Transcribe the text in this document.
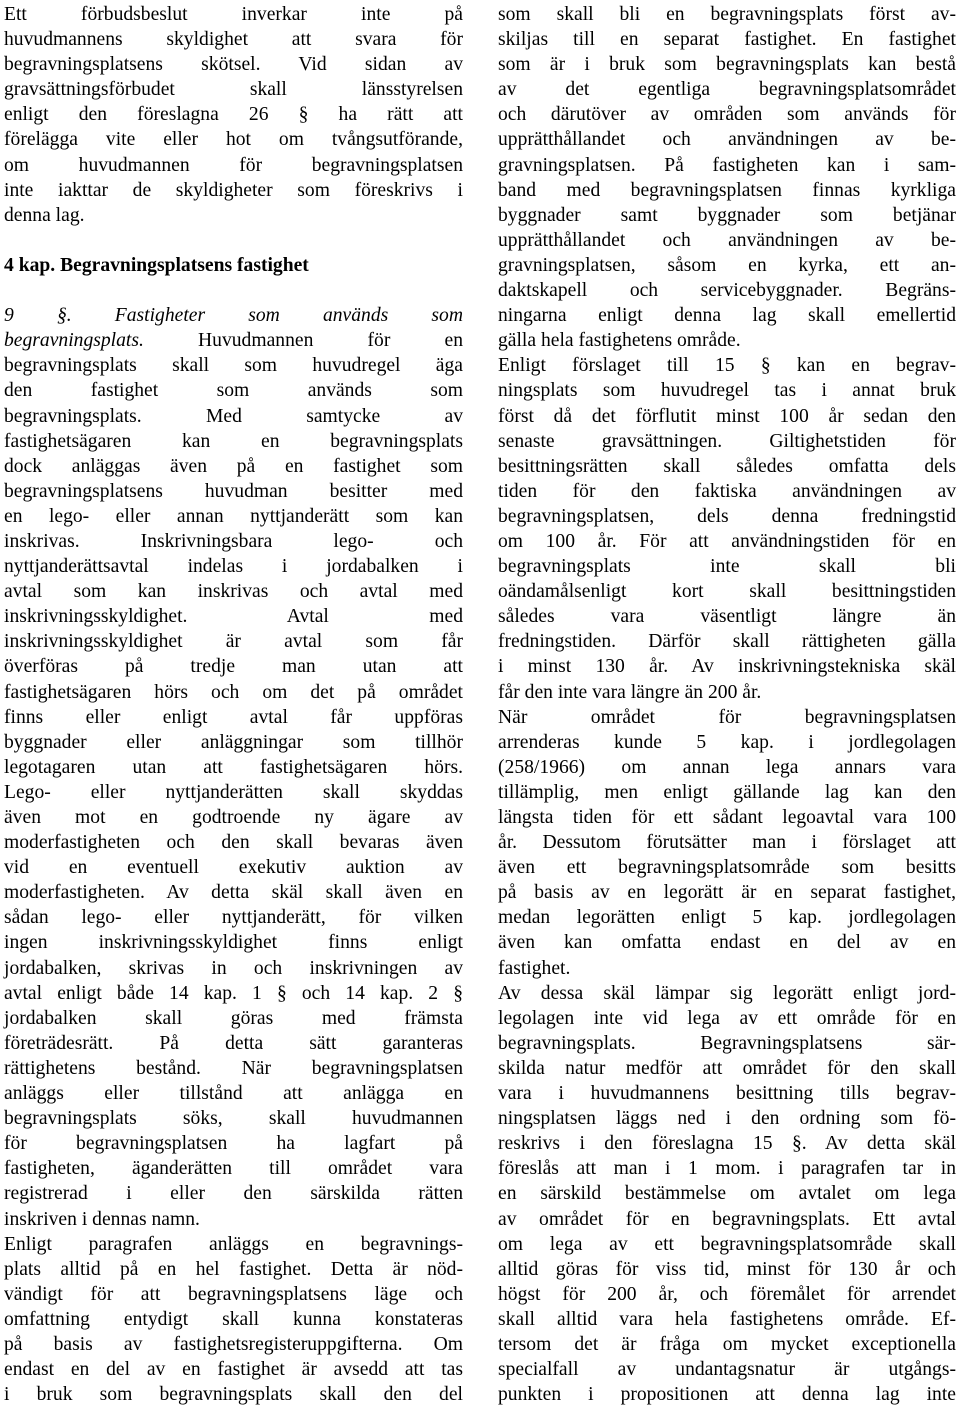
Ett förbudsbeslut inverkar inte på
huvudmannens skyldighet att svara för
begravningsplatsens skötsel. Vid sidan av
gravsättningsförbudet skall länsstyrelsen
enligt den föreslagna 26 § ha rätt att
förelägga vite eller hot om tvångsutförande,
om huvudmannen för begravningsplatsen
inte iakttar de skyldigheter som föreskrivs i
denna lag.
4 kap. Begravningsplatsens fastighet
9 §. Fastigheter som används som
begravningsplats. Huvudmannen för en
begravningsplats skall som huvudregel äga
den fastighet som används som
begravningsplats. Med samtycke av
fastighetsägaren kan en begravningsplats
dock anläggas även på en fastighet som
begravningsplatsens huvudman besitter med
en lego- eller annan nyttjanderätt som kan
inskrivas. Inskrivningsbara lego- och
nyttjanderättsavtal indelas i jordabalken i
avtal som kan inskrivas och avtal med
inskrivningsskyldighet. Avtal med
inskrivningsskyldighet är avtal som får
överföras på tredje man utan att
fastighetsägaren hörs och om det på området
finns eller enligt avtal får uppföras
byggnader eller anläggningar som tillhör
legotagaren utan att fastighetsägaren hörs.
Lego- eller nyttjanderätten skall skyddas
även mot en godtroende ny ägare av
moderfastigheten och den skall bevaras även
vid en eventuell exekutiv auktion av
moderfastigheten. Av detta skäl skall även en
sådan lego- eller nyttjanderätt, för vilken
ingen inskrivningsskyldighet finns enligt
jordabalken, skrivas in och inskrivningen av
avtal enligt både 14 kap. 1 § och 14 kap. 2 §
jordabalken skall göras med främsta
företrädesrätt. På detta sätt garanteras
rättighetens bestånd. När begravningsplatsen
anläggs eller tillstånd att anlägga en
begravningsplats söks, skall huvudmannen
för begravningsplatsen ha lagfart på
fastigheten, äganderätten till området vara
registrerad i eller den särskilda rätten
inskriven i dennas namn.
Enligt paragrafen anläggs en begravnings-
plats alltid på en hel fastighet. Detta är nöd-
vändigt för att begravningsplatsens läge och
omfattning entydigt skall kunna konstateras
på basis av fastighetsregisteruppgifterna. Om
endast en del av en fastighet är avsedd att tas
i bruk som begravningsplats skall den del
som skall bli en begravningsplats först av-
skiljas till en separat fastighet. En fastighet
som är i bruk som begravningsplats kan bestå
av det egentliga begravningsplatsområdet
och därutöver av områden som används för
upprätthållandet och användningen av be-
gravningsplatsen. På fastigheten kan i sam-
band med begravningsplatsen finnas kyrkliga
byggnader samt byggnader som betjänar
upprätthållandet och användningen av be-
gravningsplatsen, såsom en kyrka, ett an-
daktskapell och servicebyggnader. Begräns-
ningarna enligt denna lag skall emellertid
gälla hela fastighetens område.
Enligt förslaget till 15 § kan en begrav-
ningsplats som huvudregel tas i annat bruk
först då det förflutit minst 100 år sedan den
senaste gravsättningen. Giltighetstiden för
besittningsrätten skall således omfatta dels
tiden för den faktiska användningen av
begravningsplatsen, dels denna fredningstid
om 100 år. För att användningstiden för en
begravningsplats inte skall bli
oändamålsenligt kort skall besittningstiden
således vara väsentligt längre än
fredningstiden. Därför skall rättigheten gälla
i minst 130 år. Av inskrivningstekniska skäl
får den inte vara längre än 200 år.
När området för begravningsplatsen
arrenderas kunde 5 kap. i jordlegolagen
(258/1966) om annan lega annars vara
tillämplig, men enligt gällande lag kan den
längsta tiden för ett sådant legoavtal vara 100
år. Dessutom förutsätter man i förslaget att
även ett begravningsplatsområde som besitts
på basis av en legorätt är en separat fastighet,
medan legorätten enligt 5 kap. jordlegolagen
även kan omfatta endast en del av en
fastighet.
Av dessa skäl lämpar sig legorätt enligt jord-
legolagen inte vid lega av ett område för en
begravningsplats. Begravningsplatsens sär-
skilda natur medför att området för den skall
vara i huvudmannens besittning tills begrav-
ningsplatsen läggs ned i den ordning som fö-
reskrivs i den föreslagna 15 §. Av detta skäl
föreslås att man i 1 mom. i paragrafen tar in
en särskild bestämmelse om avtalet om lega
av området för en begravningsplats. Ett avtal
om lega av ett begravningsplatsområde skall
alltid göras för viss tid, minst för 130 år och
högst för 200 år, och föremålet för arrendet
skall alltid vara hela fastighetens område. Ef-
tersom det är fråga om mycket exceptionella
specialfall av undantagsnatur är utgångs-
punkten i propositionen att denna lag inte
